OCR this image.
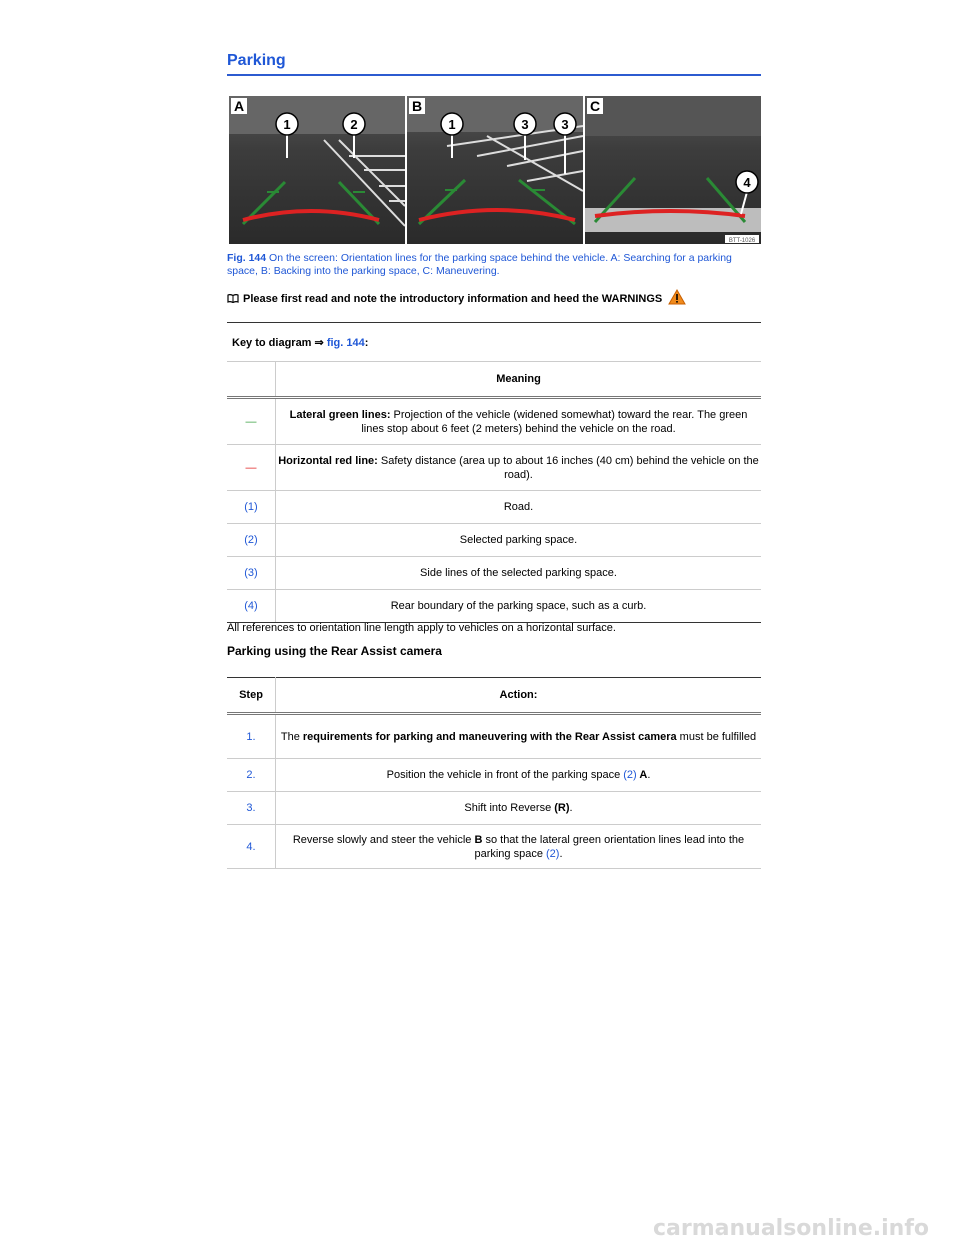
Parking
A
1	2
B
1	3	3
C
4
BTT-1026
Fig. 144 On the screen: Orientation lines for the parking space behind the vehicle. A: Searching for a parking space, B: Backing into the parking space, C: Maneuvering.
Please first read and note the introductory information and heed the WARNINGS
Key to diagram ⇒ fig. 144:	
	Meaning
—	Lateral green lines: Projection of the vehicle (widened somewhat) toward the rear. The green lines stop about 6 feet (2 meters) behind the vehicle on the road.
—	Horizontal red line: Safety distance (area up to about 16 inches (40 cm) behind the vehicle on the road).
(1)	Road.
(2)	Selected parking space.
(3)	Side lines of the selected parking space.
(4)	Rear boundary of the parking space, such as a curb.
All references to orientation line length apply to vehicles on a horizontal surface.
Parking using the Rear Assist camera
Step	Action:
1.	The requirements for parking and maneuvering with the Rear Assist camera must be fulfilled
2.	Position the vehicle in front of the parking space (2) A.
3.	Shift into Reverse (R).
4.	Reverse slowly and steer the vehicle B so that the lateral green orientation lines lead into the parking space (2).
carmanualsonline.info
